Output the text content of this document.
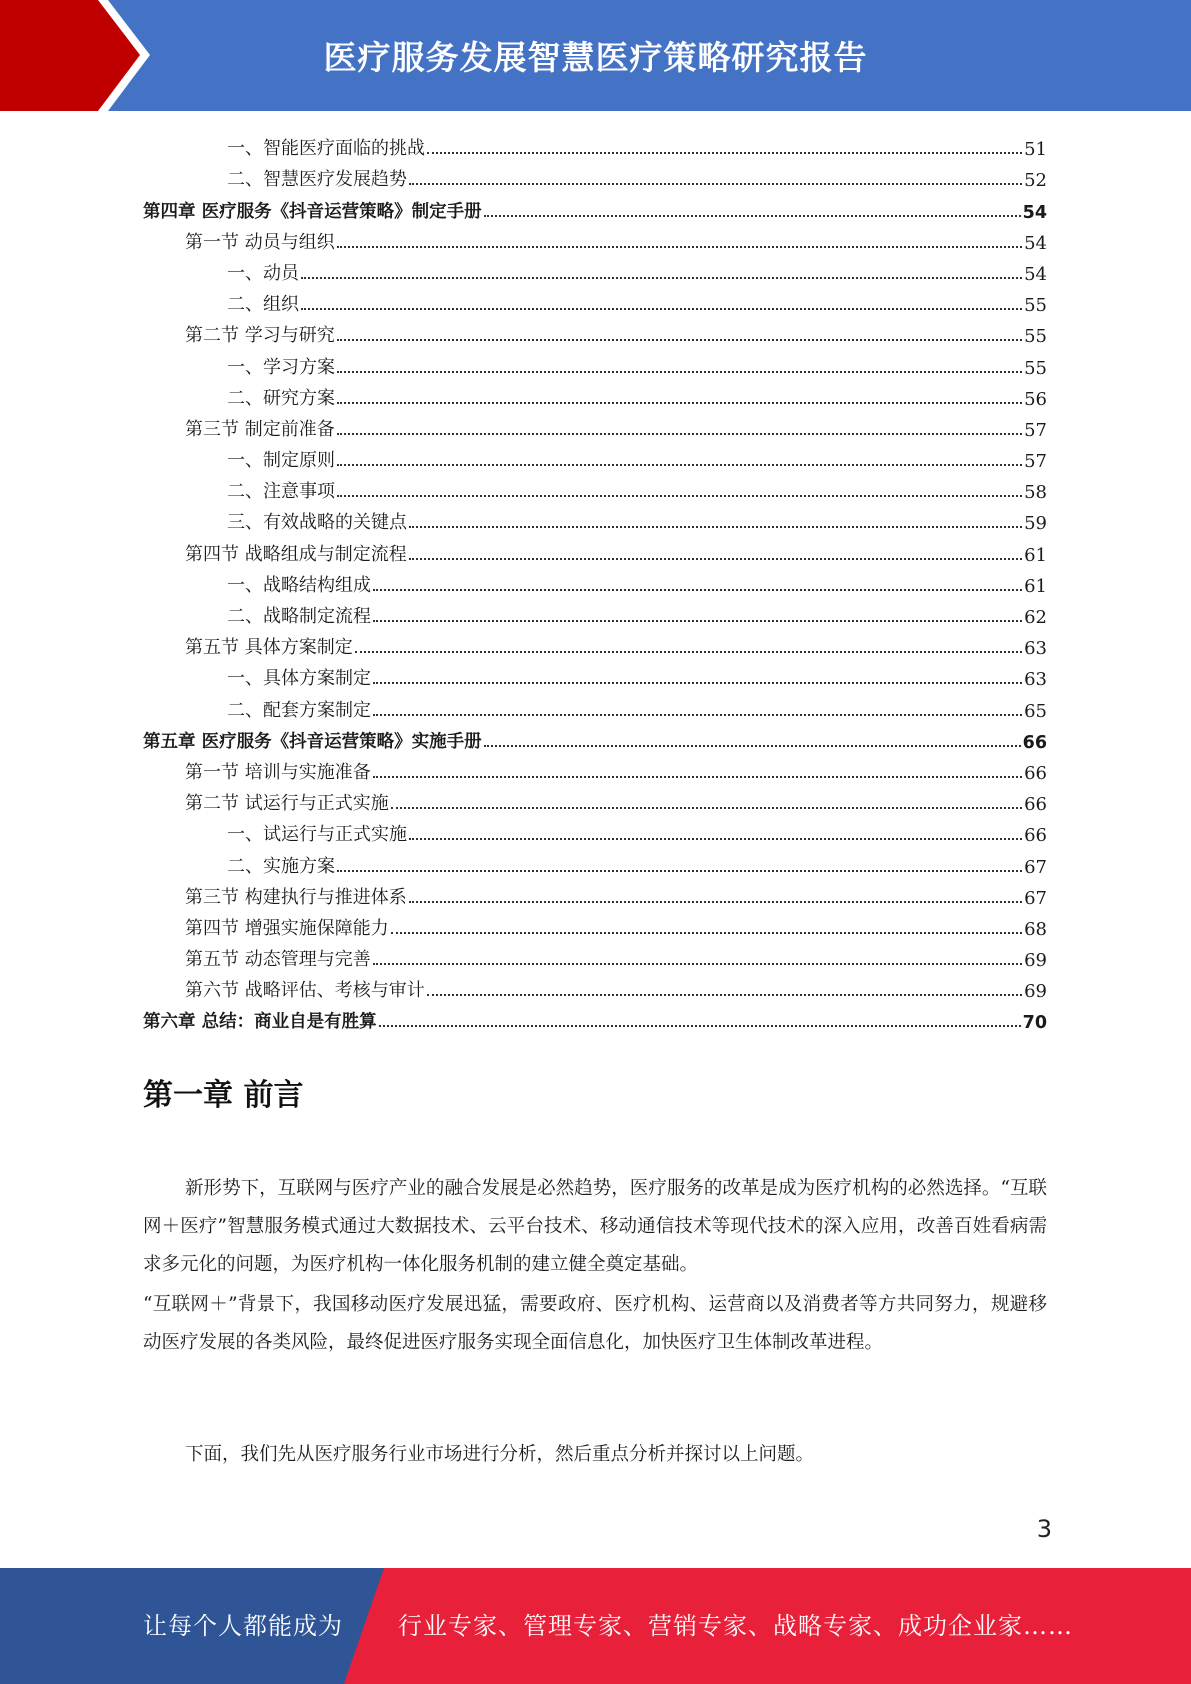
医疗服务发展智慧医疗策略研究报告
一、智能医疗面临的挑战	51
二、智慧医疗发展趋势	52
第四章 医疗服务《抖音运营策略》制定手册	54
第一节 动员与组织	54
一、动员	54
二、组织	55
第二节 学习与研究	55
一、学习方案	55
二、研究方案	56
第三节 制定前准备	57
一、制定原则	57
二、注意事项	58
三、有效战略的关键点	59
第四节 战略组成与制定流程	61
一、战略结构组成	61
二、战略制定流程	62
第五节 具体方案制定	63
一、具体方案制定	63
二、配套方案制定	65
第五章 医疗服务《抖音运营策略》实施手册	66
第一节 培训与实施准备	66
第二节 试运行与正式实施	66
一、试运行与正式实施	66
二、实施方案	67
第三节 构建执行与推进体系	67
第四节 增强实施保障能力	68
第五节 动态管理与完善	69
第六节 战略评估、考核与审计	69
第六章 总结：商业自是有胜算	70
第一章 前言

新形势下，互联网与医疗产业的融合发展是必然趋势，医疗服务的改革是成为医疗机构的必然选择。“互联网＋医疗”智慧服务模式通过大数据技术、云平台技术、移动通信技术等现代技术的深入应用，改善百姓看病需求多元化的问题，为医疗机构一体化服务机制的建立健全奠定基础。

“互联网＋”背景下，我国移动医疗发展迅猛，需要政府、医疗机构、运营商以及消费者等方共同努力，规避移动医疗发展的各类风险，最终促进医疗服务实现全面信息化，加快医疗卫生体制改革进程。

下面，我们先从医疗服务行业市场进行分析，然后重点分析并探讨以上问题。

3
让每个人都能成为 行业专家、管理专家、营销专家、战略专家、成功企业家……
